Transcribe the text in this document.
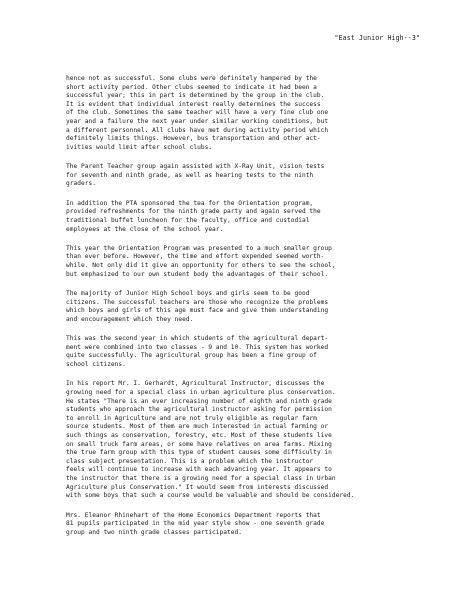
"East Junior High--3"
hence not as successful. Some clubs were definitely hampered by the
short activity period. Other clubs seemed to indicate it had been a
successful year; this in part is determined by the group in the club.
It is evident that individual interest really determines the success
of the club. Sometimes the same teacher will have a very fine club one
year and a failure the next year under similar working conditions, but
a different personnel. All clubs have met during activity period which
definitely limits things. However, bus transportation and other act-
ivities would limit after school clubs.
The Parent Teacher group again assisted with X-Ray Unit, vision tests
for seventh and ninth grade, as well as hearing tests to the ninth
graders.
In addition the PTA sponsored the tea for the Orientation program,
provided refreshments for the ninth grade party and again served the
traditional buffet luncheon for the faculty, office and custodial
employees at the close of the school year.
This year the Orientation Program was presented to a much smaller group
than ever before. However, the time and effort expended seemed worth-
while. Not only did it give an opportunity for others to see the school,
but emphasized to our own student body the advantages of their school.
The majority of Junior High School boys and girls seem to be good
citizens. The successful teachers are those who recognize the problems
which boys and girls of this age must face and give them understanding
and encouragement which they need.
This was the second year in which students of the agricultural depart-
ment were combined into two classes - 9 and 10. This system has worked
quite successfully. The agricultural group has been a fine group of
school citizens.
In his report Mr. I. Gerhardt, Agricultural Instructor, discusses the
growing need for a special class in urban agriculture plus conservation.
He states "There is an ever increasing number of eighth and ninth grade
students who approach the agricultural instructor asking for permission
to enroll in Agriculture and are not truly eligible as regular farm
source students. Most of them are much interested in actual farming or
such things as conservation, forestry, etc. Most of these students live
on small truck farm areas, or some have relatives on area farms. Mixing
the true farm group with this type of student causes some difficulty in
class subject presentation. This is a problem which the instructor
feels will continue to increase with each advancing year. It appears to
the instructor that there is a growing need for a special class in Urban
Agriculture plus Conservation." It would seem from interests discussed
with some boys that such a course would be valuable and should be considered.
Mrs. Eleanor Rhinehart of the Home Economics Department reports that
81 pupils participated in the mid year style show - one seventh grade
group and two ninth grade classes participated.
